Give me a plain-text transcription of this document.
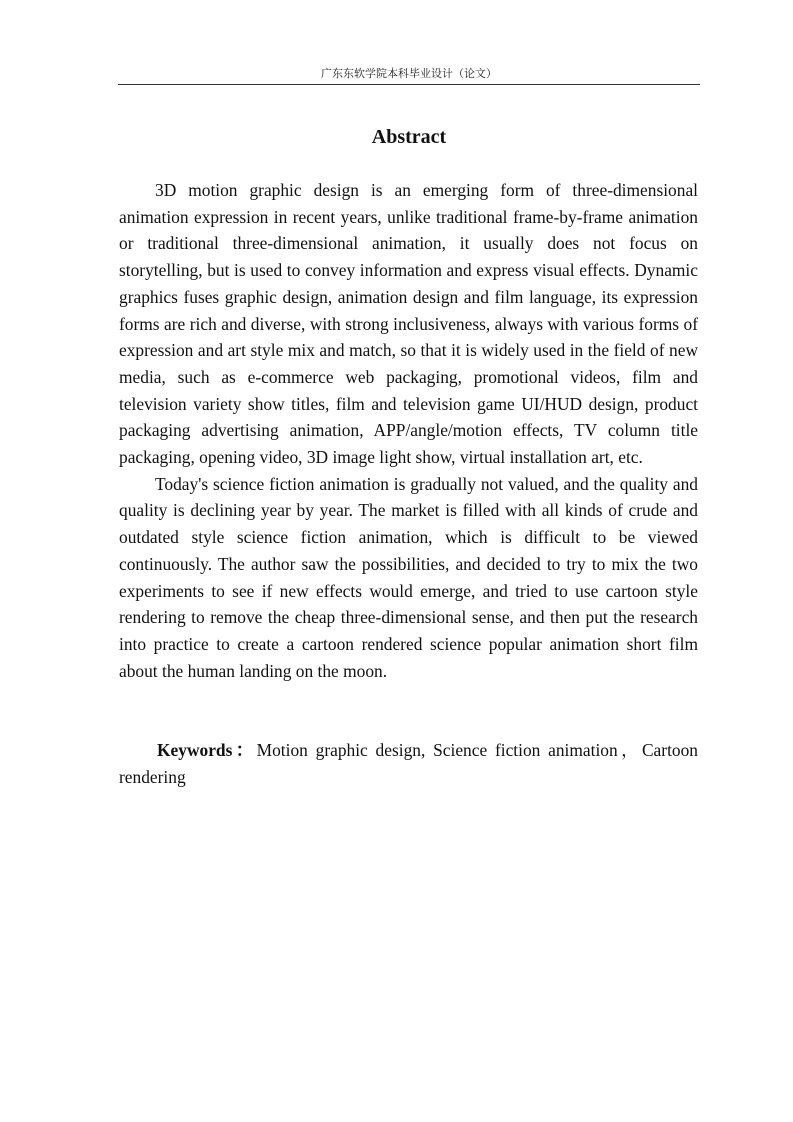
广东东软学院本科毕业设计（论文）
Abstract

3D motion graphic design is an emerging form of three-dimensional animation expression in recent years, unlike traditional frame-by-frame animation or traditional three-dimensional animation, it usually does not focus on storytelling, but is used to convey information and express visual effects. Dynamic graphics fuses graphic design, animation design and film language, its expression forms are rich and diverse, with strong inclusiveness, always with various forms of expression and art style mix and match, so that it is widely used in the field of new media, such as e-commerce web packaging, promotional videos, film and television variety show titles, film and television game UI/HUD design, product packaging advertising animation, APP/angle/motion effects, TV column title packaging, opening video, 3D image light show, virtual installation art, etc.

Today's science fiction animation is gradually not valued, and the quality and quality is declining year by year. The market is filled with all kinds of crude and outdated style science fiction animation, which is difficult to be viewed continuously. The author saw the possibilities, and decided to try to mix the two experiments to see if new effects would emerge, and tried to use cartoon style rendering to remove the cheap three-dimensional sense, and then put the research into practice to create a cartoon rendered science popular animation short film about the human landing on the moon.

Keywords：Motion graphic design, Science fiction animation，Cartoon rendering
